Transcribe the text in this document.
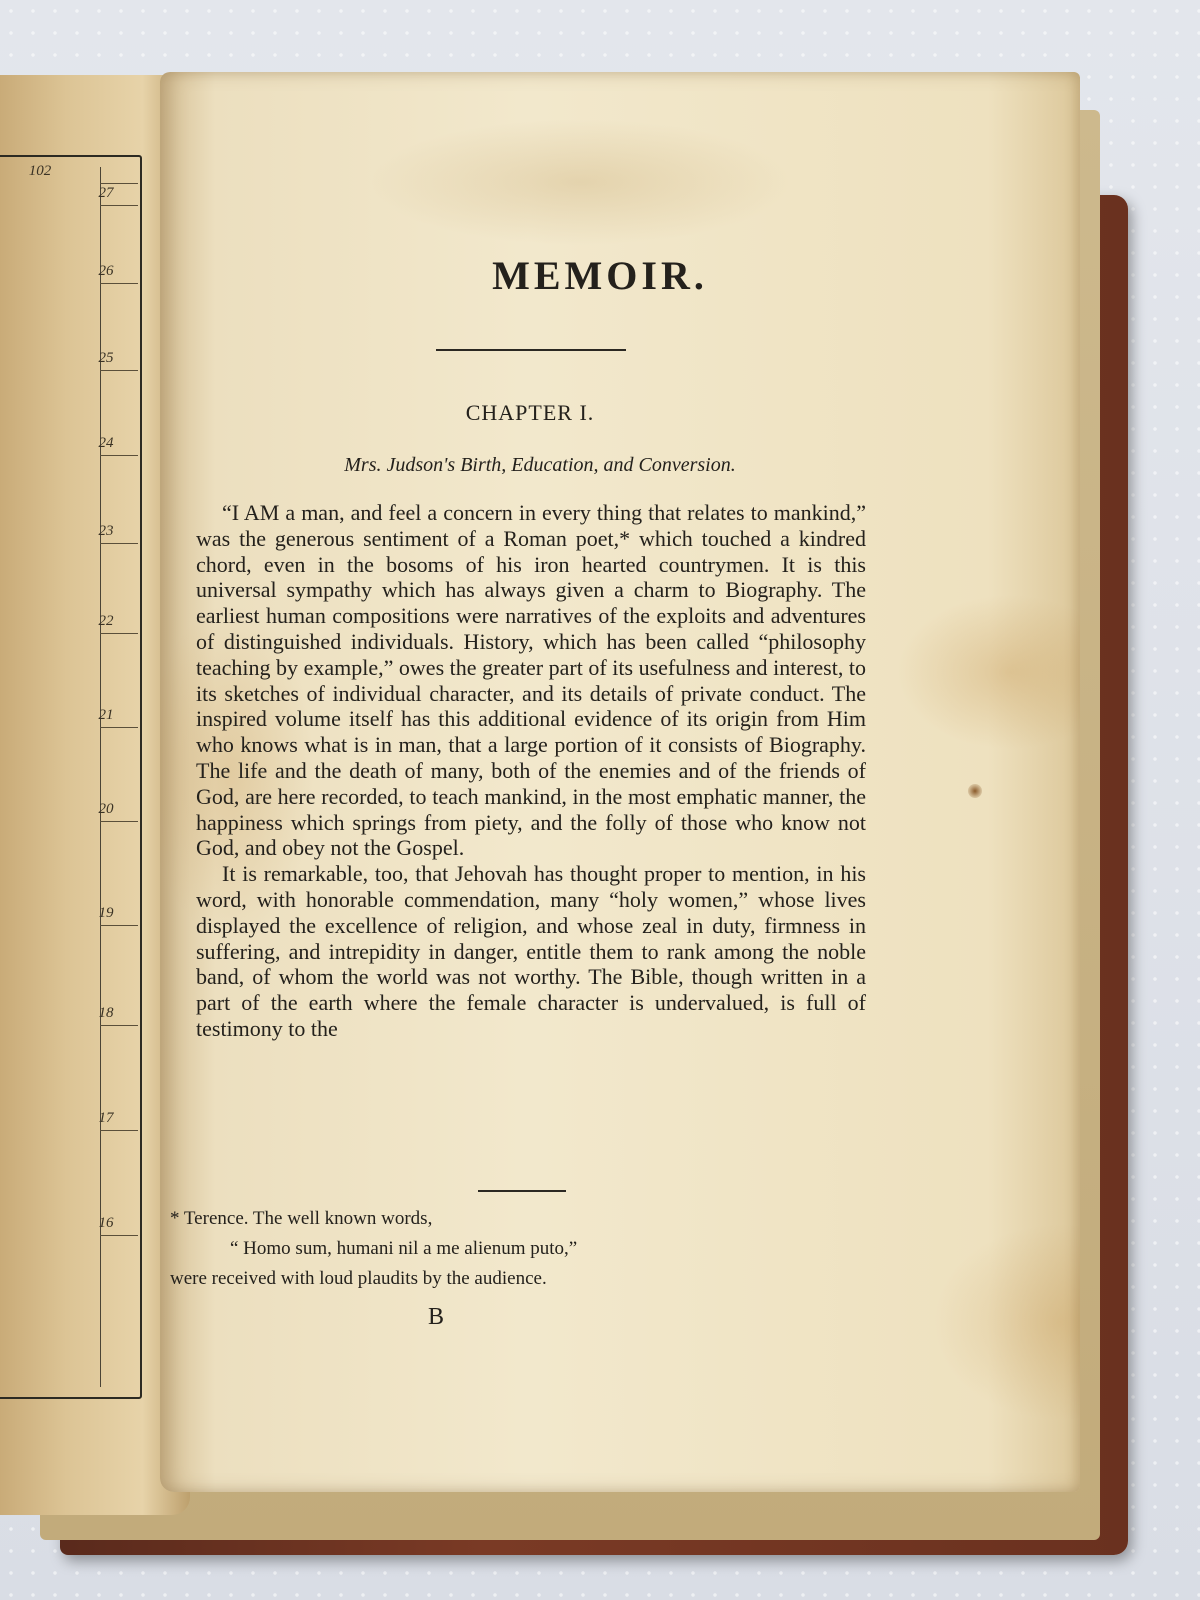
102
27
26
25
24
23
22
21
20
19
18
17
16
MEMOIR.
CHAPTER I.
Mrs. Judson's Birth, Education, and Conversion.

“I AM a man, and feel a concern in every thing that relates to mankind,” was the generous sentiment of a Roman poet,* which touched a kindred chord, even in the bosoms of his iron hearted countrymen. It is this universal sympathy which has always given a charm to Biography. The earliest human compositions were narratives of the exploits and adventures of distinguished individuals. History, which has been called “philosophy teaching by example,” owes the greater part of its usefulness and interest, to its sketches of individual character, and its details of private conduct. The inspired volume itself has this additional evidence of its origin from Him who knows what is in man, that a large portion of it consists of Biography. The life and the death of many, both of the enemies and of the friends of God, are here recorded, to teach mankind, in the most emphatic manner, the happiness which springs from piety, and the folly of those who know not God, and obey not the Gospel.

It is remarkable, too, that Jehovah has thought proper to mention, in his word, with honorable commendation, many “holy women,” whose lives displayed the excellence of religion, and whose zeal in duty, firmness in suffering, and intrepidity in danger, entitle them to rank among the noble band, of whom the world was not worthy. The Bible, though written in a part of the earth where the female character is undervalued, is full of testimony to the

* Terence. The well known words,
“ Homo sum, humani nil a me alienum puto,”
were received with loud plaudits by the audience.
B
